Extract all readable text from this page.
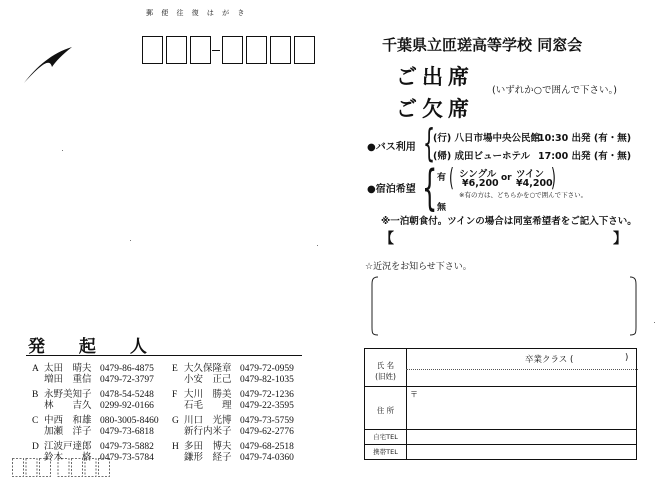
郵 便 往 復 は が き
発 起 人
A 太田　晴夫 0479-86-4875
増田　重信 0479-72-3797
B 永野美知子 0478-54-5248
林　　吉久 0299-92-0166
C 中西　和雄 080-3005-8460
加瀬　洋子 0479-73-6818
D 江波戸達郎 0479-73-5882
鈴木　　格 0479-73-5784
E 大久保隆章 0479-72-0959
小安　正己 0479-82-1035
F 大川　勝美 0479-72-1236
石毛　　理 0479-22-3595
G 川口　光博 0479-73-5759
新行内米子 0479-62-2776
H 多田　博夫 0479-68-2518
鎌形　経子 0479-74-0360
千葉県立匝瑳高等学校 同窓会
ご出席
ご欠席
(いずれか○で囲んで下さい。)
●バス利用 {
(行) 八日市場中央公民館
10:30 出発 (有・無)
(帰) 成田ビューホテル 17:00 出発 (有・無)
●宿泊希望 { 有
無
( シングル
¥6,200 or ツイン
¥4,200
)
※有の方は、どちらかを○で囲んで下さい。
※一泊朝食付。ツインの場合は同室希望者をご記入下さい。
【	】
☆近況をお知らせ下さい。
氏 名
(旧姓)
卒業クラス (	)
住 所
〒
自宅TEL
携帯TEL
